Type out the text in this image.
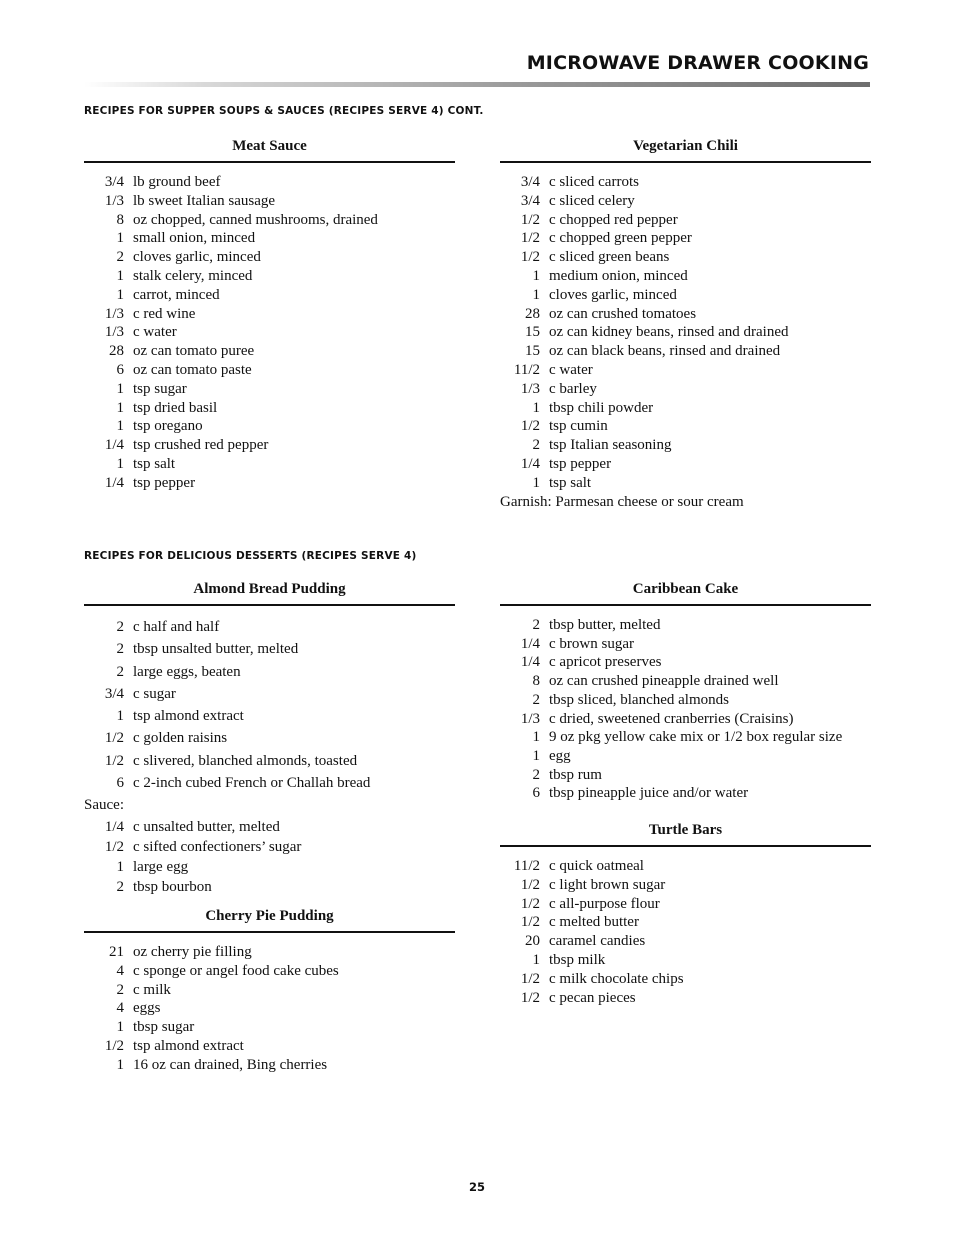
MICROWAVE DRAWER COOKING
RECIPES FOR SUPPER SOUPS & SAUCES (RECIPES SERVE 4) CONT.
RECIPES FOR DELICIOUS DESSERTS (RECIPES SERVE 4)
Meat Sauce
3/4 lb ground beef
1/3 lb sweet Italian sausage
8 oz chopped, canned mushrooms, drained
1 small onion, minced
2 cloves garlic, minced
1 stalk celery, minced
1 carrot, minced
1/3 c red wine
1/3 c water
28 oz can tomato puree
6 oz can tomato paste
1 tsp sugar
1 tsp dried basil
1 tsp oregano
1/4 tsp crushed red pepper
1 tsp salt
1/4 tsp pepper
Vegetarian Chili
3/4 c sliced carrots
3/4 c sliced celery
1/2 c chopped red pepper
1/2 c chopped green pepper
1/2 c sliced green beans
1 medium onion, minced
1 cloves garlic, minced
28 oz can crushed tomatoes
15 oz can kidney beans, rinsed and drained
15 oz can black beans, rinsed and drained
11/2 c water
1/3 c barley
1 tbsp chili powder
1/2 tsp cumin
2 tsp Italian seasoning
1/4 tsp pepper
1 tsp salt
Garnish: Parmesan cheese or sour cream
Almond Bread Pudding
2 c half and half
2 tbsp unsalted butter, melted
2 large eggs, beaten
3/4 c sugar
1 tsp almond extract
1/2 c golden raisins
1/2 c slivered, blanched almonds, toasted
6 c 2-inch cubed French or Challah bread
Sauce:
1/4 c unsalted butter, melted
1/2 c sifted confectioners’ sugar
1 large egg
2 tbsp bourbon
Cherry Pie Pudding
21 oz cherry pie filling
4 c sponge or angel food cake cubes
2 c milk
4 eggs
1 tbsp sugar
1/2 tsp almond extract
1 16 oz can drained, Bing cherries
Caribbean Cake
2 tbsp butter, melted
1/4 c brown sugar
1/4 c apricot preserves
8 oz can crushed pineapple drained well
2 tbsp sliced, blanched almonds
1/3 c dried, sweetened cranberries (Craisins)
1 9 oz pkg yellow cake mix or 1/2 box regular size
1 egg
2 tbsp rum
6 tbsp pineapple juice and/or water
Turtle Bars
11/2 c quick oatmeal
1/2 c light brown sugar
1/2 c all-purpose flour
1/2 c melted butter
20 caramel candies
1 tbsp milk
1/2 c milk chocolate chips
1/2 c pecan pieces
25
